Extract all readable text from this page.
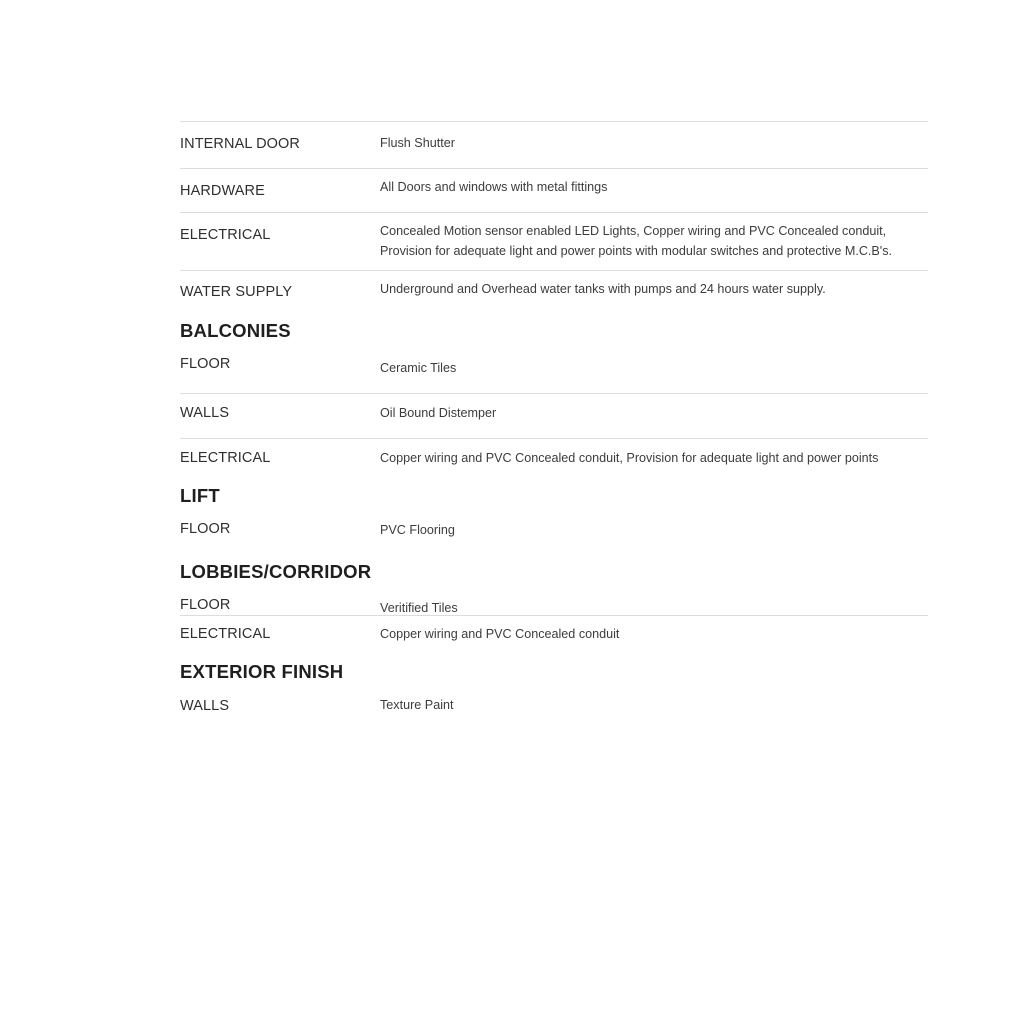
INTERNAL DOOR	Flush Shutter
HARDWARE	All Doors and windows with metal fittings
ELECTRICAL	Concealed Motion sensor enabled LED Lights, Copper wiring and PVC Concealed conduit, Provision for adequate light and power points with modular switches and protective M.C.B's.
WATER SUPPLY	Underground and Overhead water tanks with pumps and 24 hours water supply.
BALCONIES
FLOOR	Ceramic Tiles
WALLS	Oil Bound Distemper
ELECTRICAL	Copper wiring and PVC Concealed conduit, Provision for adequate light and power points
LIFT
FLOOR	PVC Flooring
LOBBIES/CORRIDOR
FLOOR	Veritified Tiles
ELECTRICAL	Copper wiring and PVC Concealed conduit
EXTERIOR FINISH
WALLS	Texture Paint
